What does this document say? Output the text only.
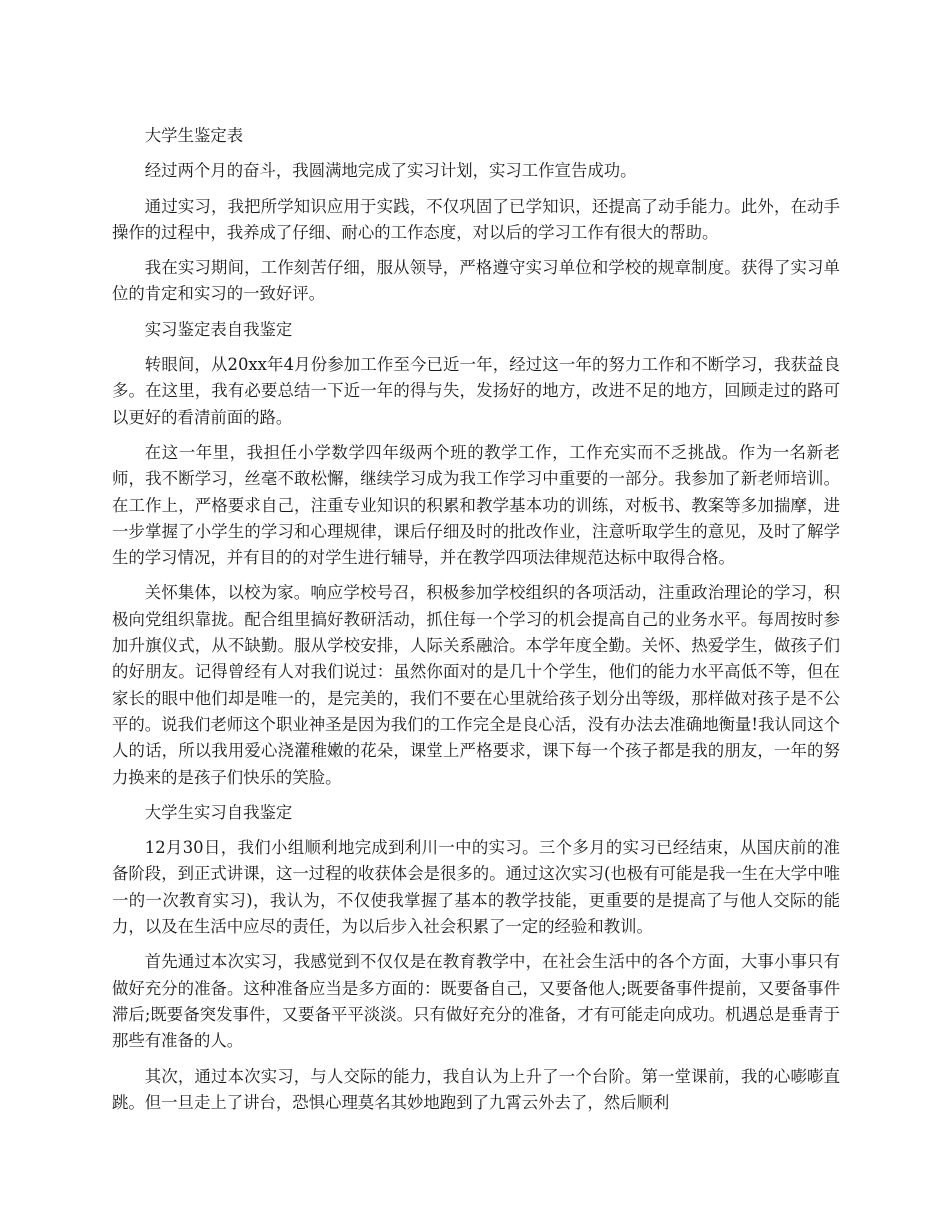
大学生鉴定表

经过两个月的奋斗，我圆满地完成了实习计划，实习工作宣告成功。

通过实习，我把所学知识应用于实践，不仅巩固了已学知识，还提高了动手能力。此外，在动手操作的过程中，我养成了仔细、耐心的工作态度，对以后的学习工作有很大的帮助。

我在实习期间，工作刻苦仔细，服从领导，严格遵守实习单位和学校的规章制度。获得了实习单位的肯定和实习的一致好评。

实习鉴定表自我鉴定

转眼间，从20xx年4月份参加工作至今已近一年，经过这一年的努力工作和不断学习，我获益良多。在这里，我有必要总结一下近一年的得与失，发扬好的地方，改进不足的地方，回顾走过的路可以更好的看清前面的路。

在这一年里，我担任小学数学四年级两个班的教学工作，工作充实而不乏挑战。作为一名新老师，我不断学习，丝毫不敢松懈，继续学习成为我工作学习中重要的一部分。我参加了新老师培训。在工作上，严格要求自己，注重专业知识的积累和教学基本功的训练，对板书、教案等多加揣摩，进一步掌握了小学生的学习和心理规律，课后仔细及时的批改作业，注意听取学生的意见，及时了解学生的学习情况，并有目的的对学生进行辅导，并在教学四项法律规范达标中取得合格。

关怀集体，以校为家。响应学校号召，积极参加学校组织的各项活动，注重政治理论的学习，积极向党组织靠拢。配合组里搞好教研活动，抓住每一个学习的机会提高自己的业务水平。每周按时参加升旗仪式，从不缺勤。服从学校安排，人际关系融洽。本学年度全勤。关怀、热爱学生，做孩子们的好朋友。记得曾经有人对我们说过：虽然你面对的是几十个学生，他们的能力水平高低不等，但在家长的眼中他们却是唯一的，是完美的，我们不要在心里就给孩子划分出等级，那样做对孩子是不公平的。说我们老师这个职业神圣是因为我们的工作完全是良心活，没有办法去准确地衡量!我认同这个人的话，所以我用爱心浇灌稚嫩的花朵，课堂上严格要求，课下每一个孩子都是我的朋友，一年的努力换来的是孩子们快乐的笑脸。

大学生实习自我鉴定

12月30日，我们小组顺利地完成到利川一中的实习。三个多月的实习已经结束，从国庆前的准备阶段，到正式讲课，这一过程的收获体会是很多的。通过这次实习(也极有可能是我一生在大学中唯一的一次教育实习)，我认为，不仅使我掌握了基本的教学技能，更重要的是提高了与他人交际的能力，以及在生活中应尽的责任，为以后步入社会积累了一定的经验和教训。

首先通过本次实习，我感觉到不仅仅是在教育教学中，在社会生活中的各个方面，大事小事只有做好充分的准备。这种准备应当是多方面的：既要备自己，又要备他人;既要备事件提前，又要备事件滞后;既要备突发事件，又要备平平淡淡。只有做好充分的准备，才有可能走向成功。机遇总是垂青于那些有准备的人。

其次，通过本次实习，与人交际的能力，我自认为上升了一个台阶。第一堂课前，我的心嘭嘭直跳。但一旦走上了讲台，恐惧心理莫名其妙地跑到了九霄云外去了，然后顺利
